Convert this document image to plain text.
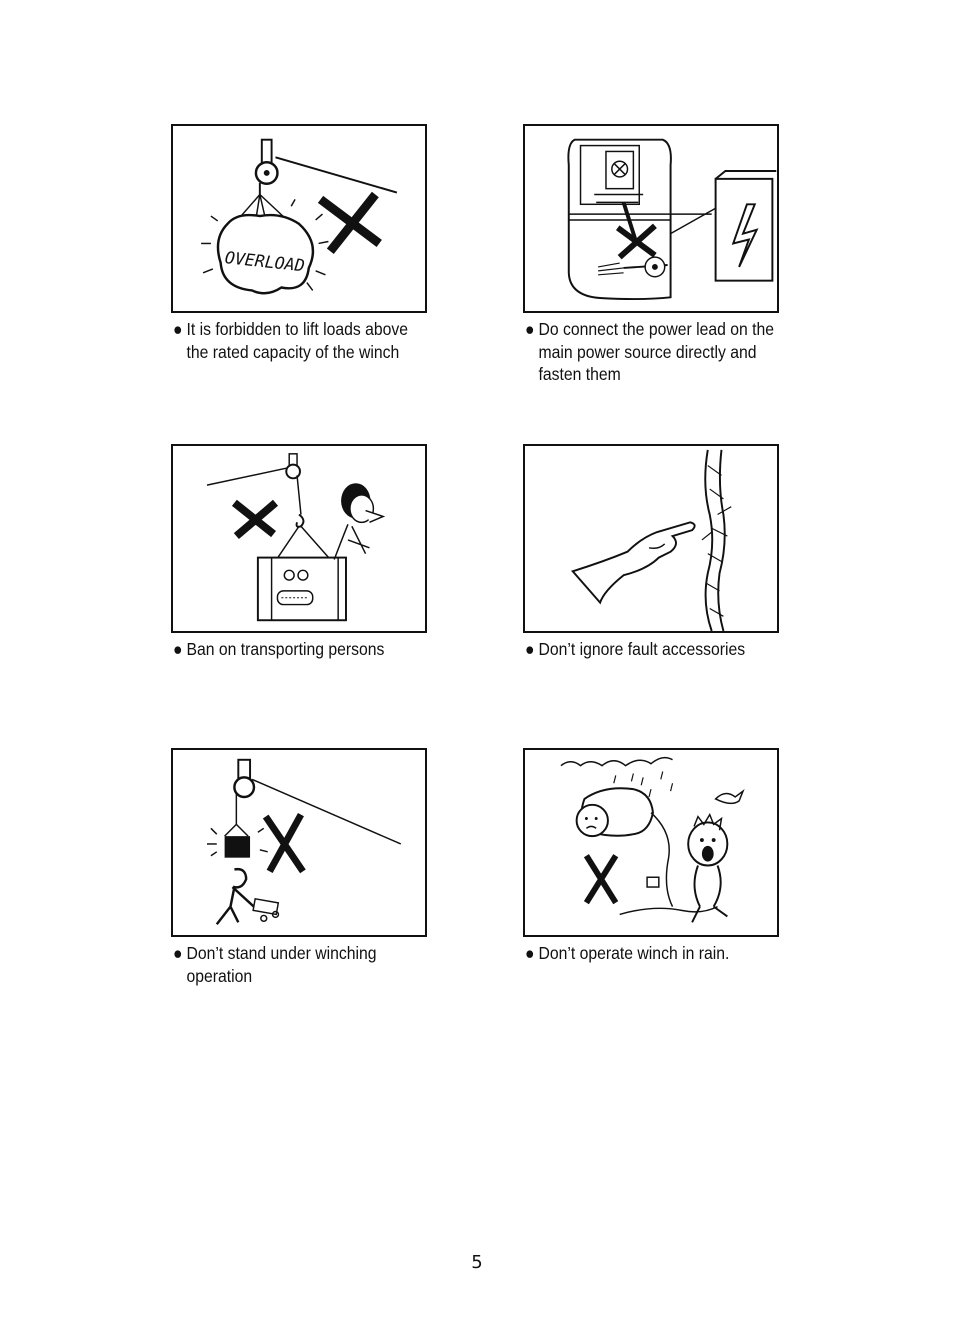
OVERLOAD
● It is forbidden to lift loads above
the rated capacity of the winch
● Do connect the power lead on the
main power source directly and
fasten them
● Ban on transporting persons	● Don’t ignore fault accessories
● Don’t stand under winching
operation
● Don’t operate winch in rain.
5
